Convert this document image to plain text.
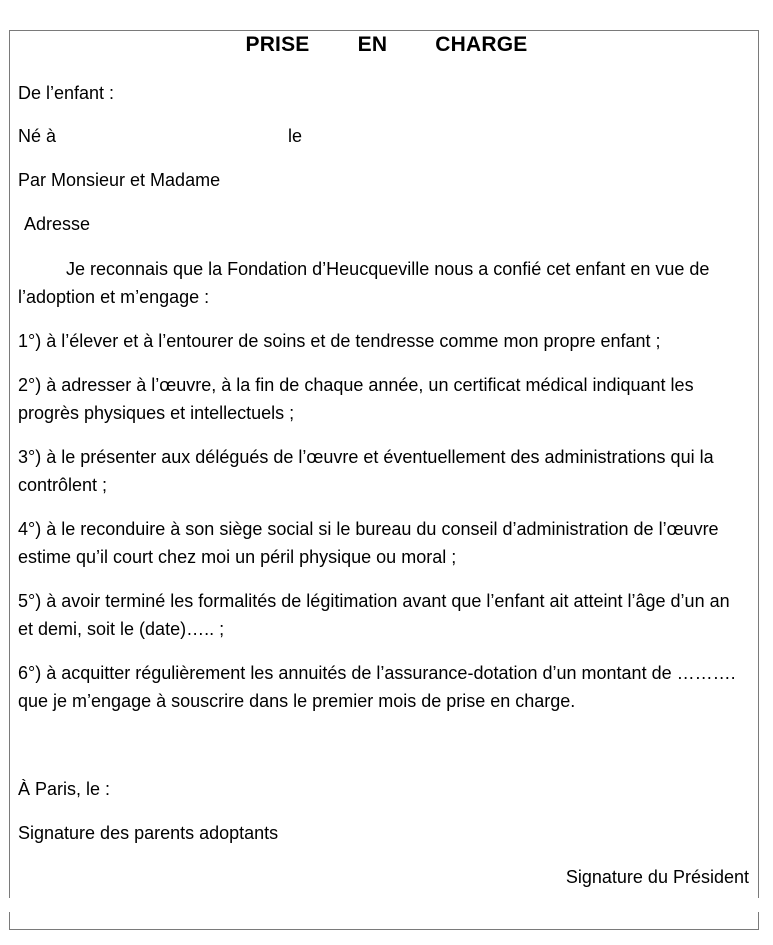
PRISE   EN   CHARGE
De l’enfant :
Né à	le
Par Monsieur et Madame
Adresse
Je reconnais que la Fondation d’Heucqueville nous a confié cet enfant en vue de l’adoption et m’engage :
1°) à l’élever et à l’entourer de soins et de tendresse comme mon propre enfant ;
2°) à adresser à l’œuvre, à la fin de chaque année, un certificat médical indiquant les progrès physiques et intellectuels ;
3°) à le présenter aux délégués de l’œuvre et éventuellement des administrations qui la contrôlent ;
4°) à le reconduire à son siège social si le bureau du conseil d’administration de l’œuvre estime qu’il court chez moi un péril physique ou moral ;
5°) à avoir terminé les formalités de légitimation avant que l’enfant ait atteint l’âge d’un an et demi, soit le (date)….. ;
6°) à acquitter régulièrement les annuités de l’assurance-dotation d’un montant de ………. que je m’engage à souscrire dans le premier mois de prise en charge.
À Paris, le :
Signature des parents adoptants
Signature du Président
